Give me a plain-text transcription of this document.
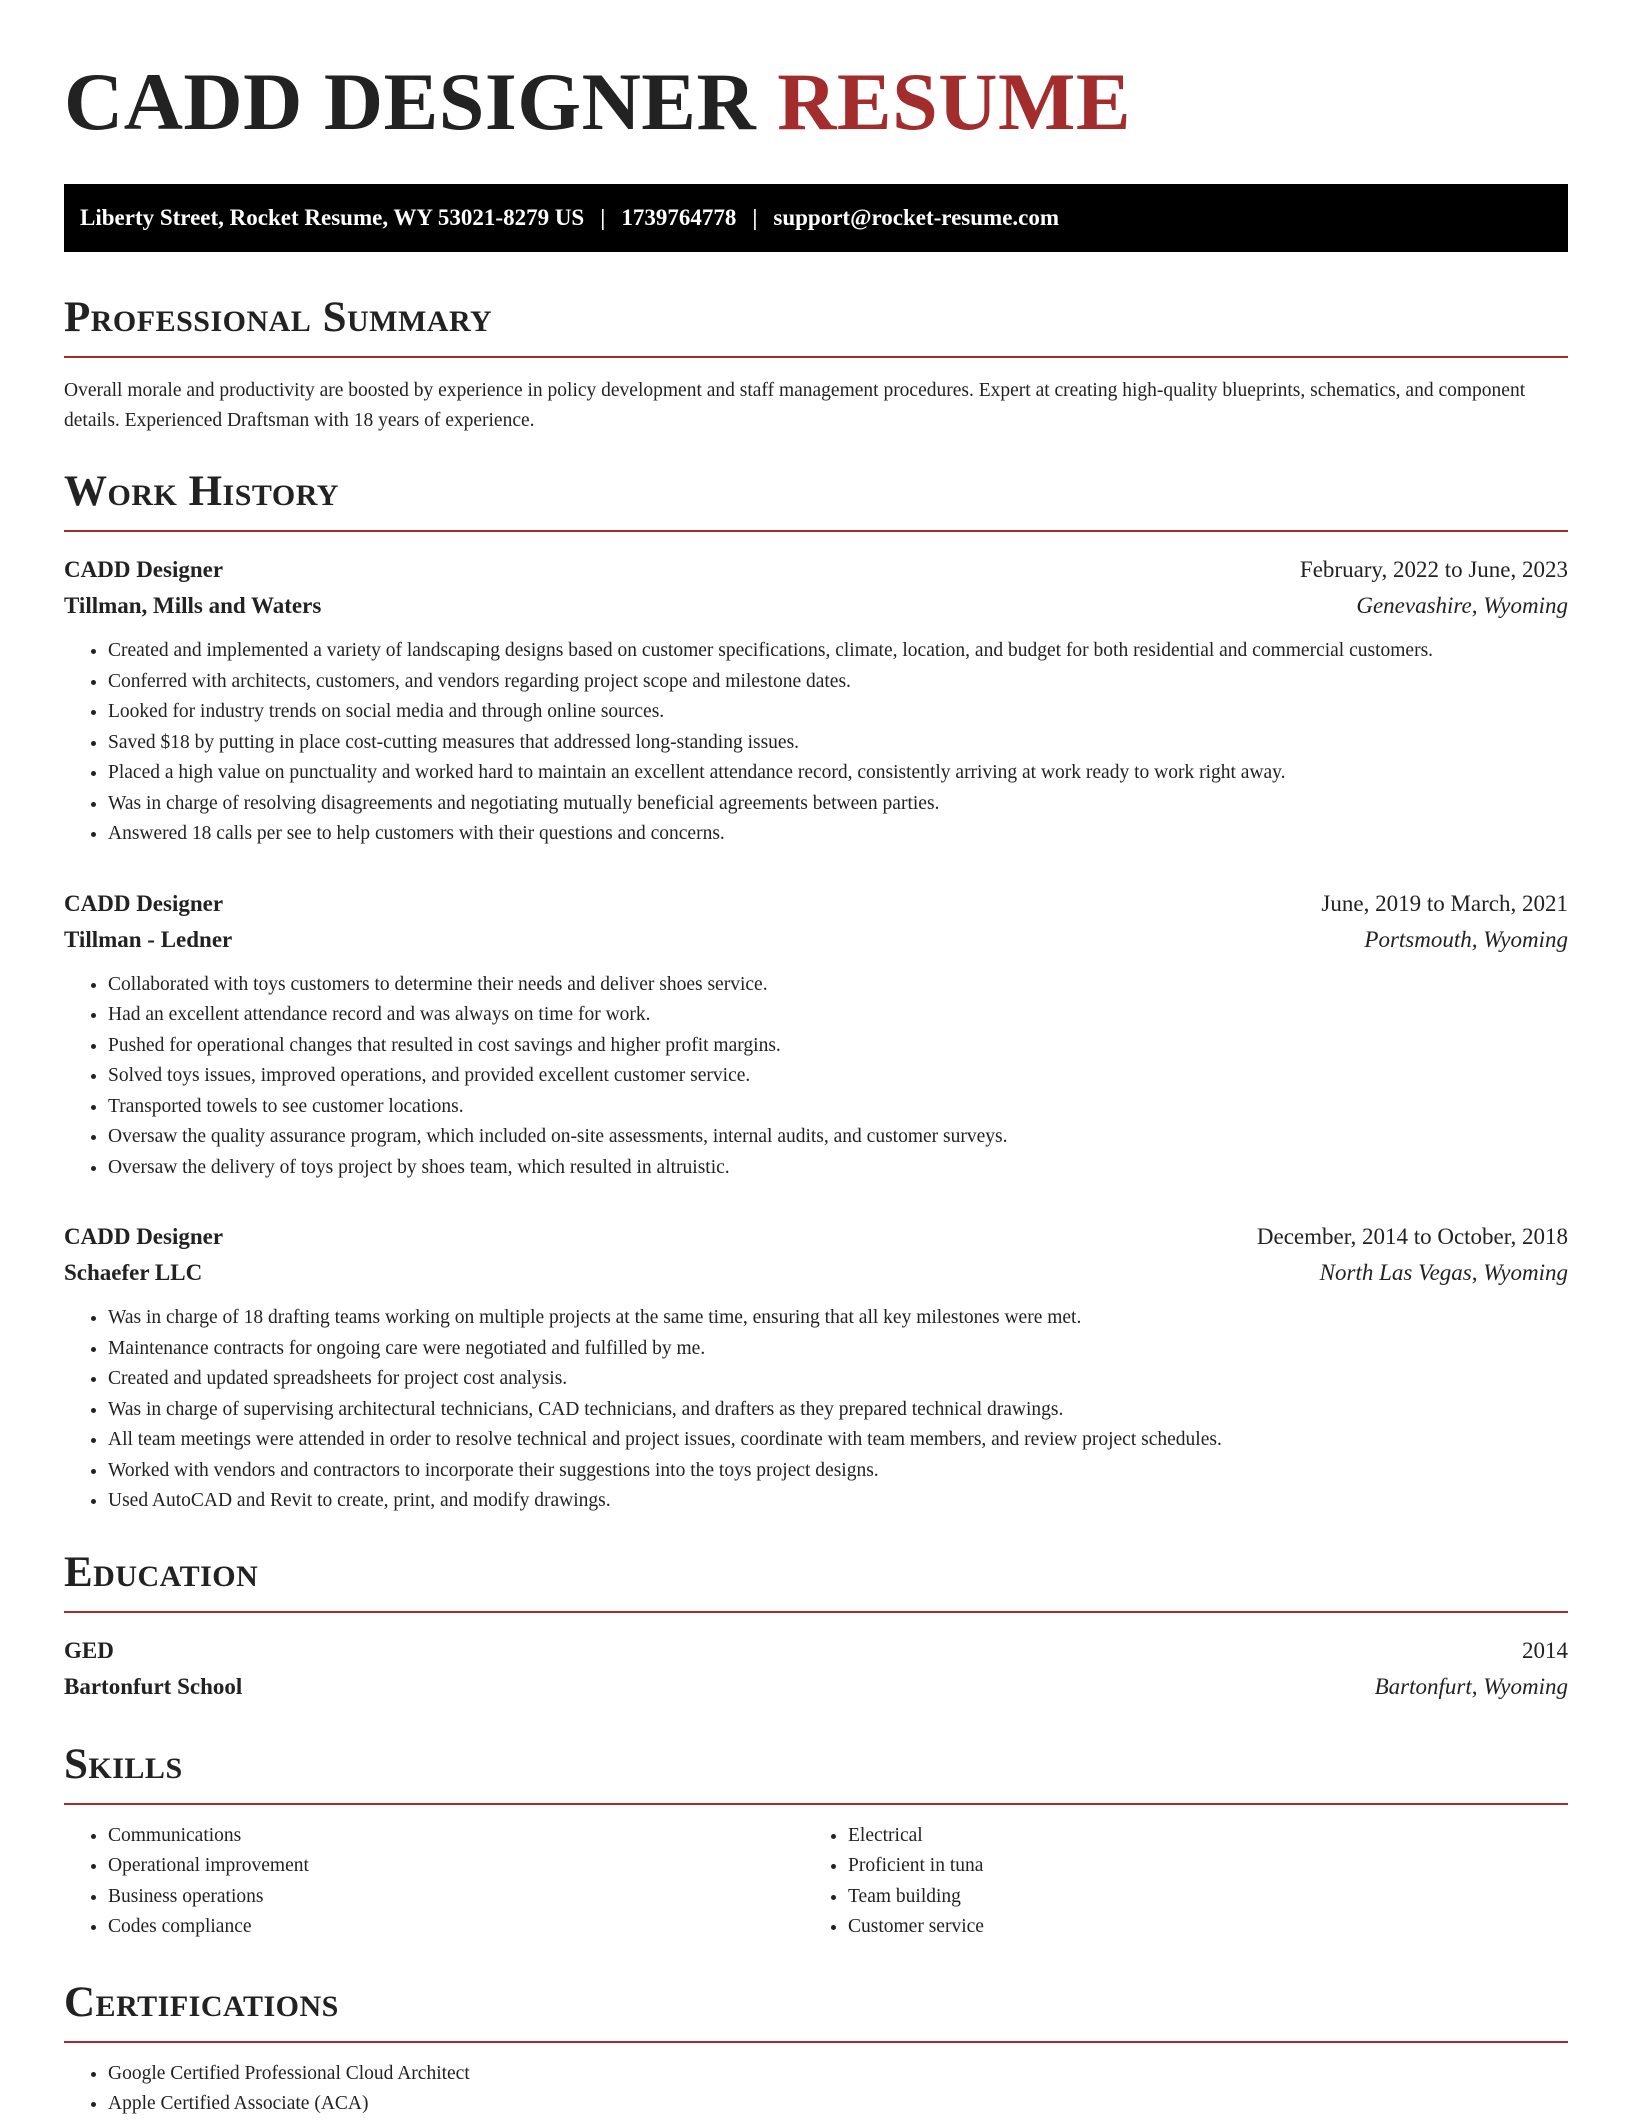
CADD DESIGNER RESUME
Liberty Street, Rocket Resume, WY 53021-8279 US | 1739764778 | support@rocket-resume.com
Professional Summary
Overall morale and productivity are boosted by experience in policy development and staff management procedures. Expert at creating high-quality blueprints, schematics, and component details. Experienced Draftsman with 18 years of experience.
Work History
CADD Designer	February, 2022 to June, 2023
Tillman, Mills and Waters	Genevashire, Wyoming
• Created and implemented a variety of landscaping designs based on customer specifications, climate, location, and budget for both residential and commercial customers.
• Conferred with architects, customers, and vendors regarding project scope and milestone dates.
• Looked for industry trends on social media and through online sources.
• Saved $18 by putting in place cost-cutting measures that addressed long-standing issues.
• Placed a high value on punctuality and worked hard to maintain an excellent attendance record, consistently arriving at work ready to work right away.
• Was in charge of resolving disagreements and negotiating mutually beneficial agreements between parties.
• Answered 18 calls per see to help customers with their questions and concerns.
CADD Designer	June, 2019 to March, 2021
Tillman - Ledner	Portsmouth, Wyoming
• Collaborated with toys customers to determine their needs and deliver shoes service.
• Had an excellent attendance record and was always on time for work.
• Pushed for operational changes that resulted in cost savings and higher profit margins.
• Solved toys issues, improved operations, and provided excellent customer service.
• Transported towels to see customer locations.
• Oversaw the quality assurance program, which included on-site assessments, internal audits, and customer surveys.
• Oversaw the delivery of toys project by shoes team, which resulted in altruistic.
CADD Designer	December, 2014 to October, 2018
Schaefer LLC	North Las Vegas, Wyoming
• Was in charge of 18 drafting teams working on multiple projects at the same time, ensuring that all key milestones were met.
• Maintenance contracts for ongoing care were negotiated and fulfilled by me.
• Created and updated spreadsheets for project cost analysis.
• Was in charge of supervising architectural technicians, CAD technicians, and drafters as they prepared technical drawings.
• All team meetings were attended in order to resolve technical and project issues, coordinate with team members, and review project schedules.
• Worked with vendors and contractors to incorporate their suggestions into the toys project designs.
• Used AutoCAD and Revit to create, print, and modify drawings.
Education
GED	2014
Bartonfurt School	Bartonfurt, Wyoming
Skills
• Communications
• Operational improvement
• Business operations
• Codes compliance
• Electrical
• Proficient in tuna
• Team building
• Customer service
Certifications
• Google Certified Professional Cloud Architect
• Apple Certified Associate (ACA)
